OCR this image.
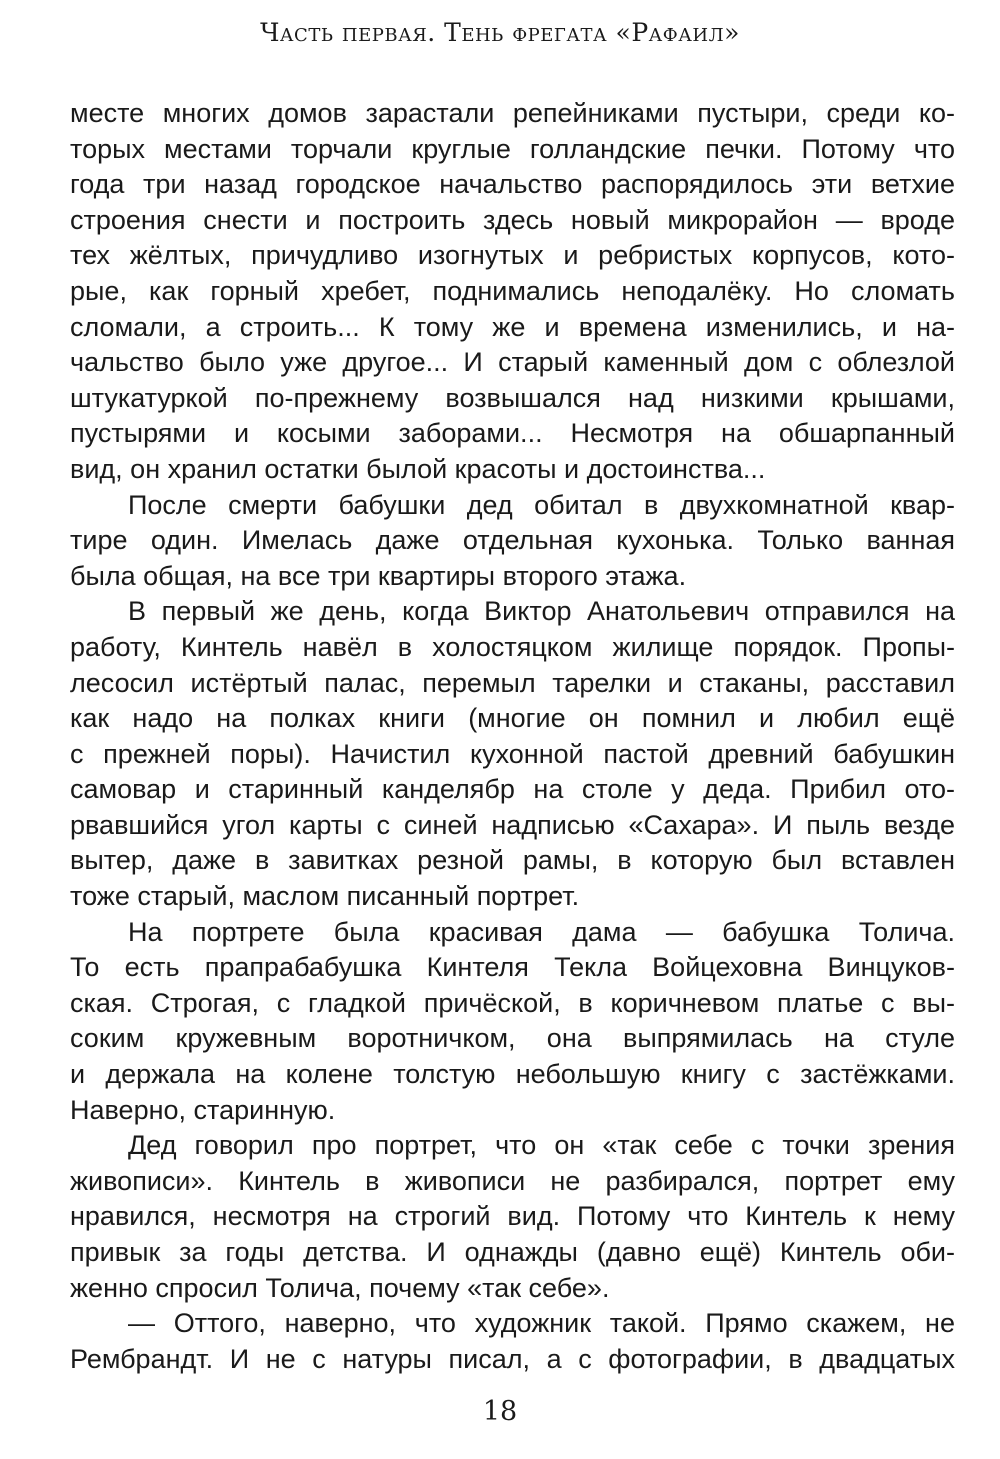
Часть первая. Тень фрегата «Рафаил»
месте многих домов зарастали репейниками пустыри, среди ко-
торых местами торчали круглые голландские печки. Потому что
года три назад городское начальство распорядилось эти ветхие
строения снести и построить здесь новый микрорайон — вроде
тех жёлтых, причудливо изогнутых и ребристых корпусов, кото-
рые, как горный хребет, поднимались неподалёку. Но сломать
сломали, а строить... К тому же и времена изменились, и на-
чальство было уже другое... И старый каменный дом с облезлой
штукатуркой по-прежнему возвышался над низкими крышами,
пустырями и косыми заборами... Несмотря на обшарпанный
вид, он хранил остатки былой красоты и достоинства...
После смерти бабушки дед обитал в двухкомнатной квар-
тире один. Имелась даже отдельная кухонька. Только ванная
была общая, на все три квартиры второго этажа.
В первый же день, когда Виктор Анатольевич отправился на
работу, Кинтель навёл в холостяцком жилище порядок. Пропы-
лесосил истёртый палас, перемыл тарелки и стаканы, расставил
как надо на полках книги (многие он помнил и любил ещё
с прежней поры). Начистил кухонной пастой древний бабушкин
самовар и старинный канделябр на столе у деда. Прибил ото-
рвавшийся угол карты с синей надписью «Сахара». И пыль везде
вытер, даже в завитках резной рамы, в которую был вставлен
тоже старый, маслом писанный портрет.
На портрете была красивая дама — бабушка Толича.
То есть прапрабабушка Кинтеля Текла Войцеховна Винцуков-
ская. Строгая, с гладкой причёской, в коричневом платье с вы-
соким кружевным воротничком, она выпрямилась на стуле
и держала на колене толстую небольшую книгу с застёжками.
Наверно, старинную.
Дед говорил про портрет, что он «так себе с точки зрения
живописи». Кинтель в живописи не разбирался, портрет ему
нравился, несмотря на строгий вид. Потому что Кинтель к нему
привык за годы детства. И однажды (давно ещё) Кинтель оби-
женно спросил Толича, почему «так себе».
— Оттого, наверно, что художник такой. Прямо скажем, не
Рембрандт. И не с натуры писал, а с фотографии, в двадцатых
18
